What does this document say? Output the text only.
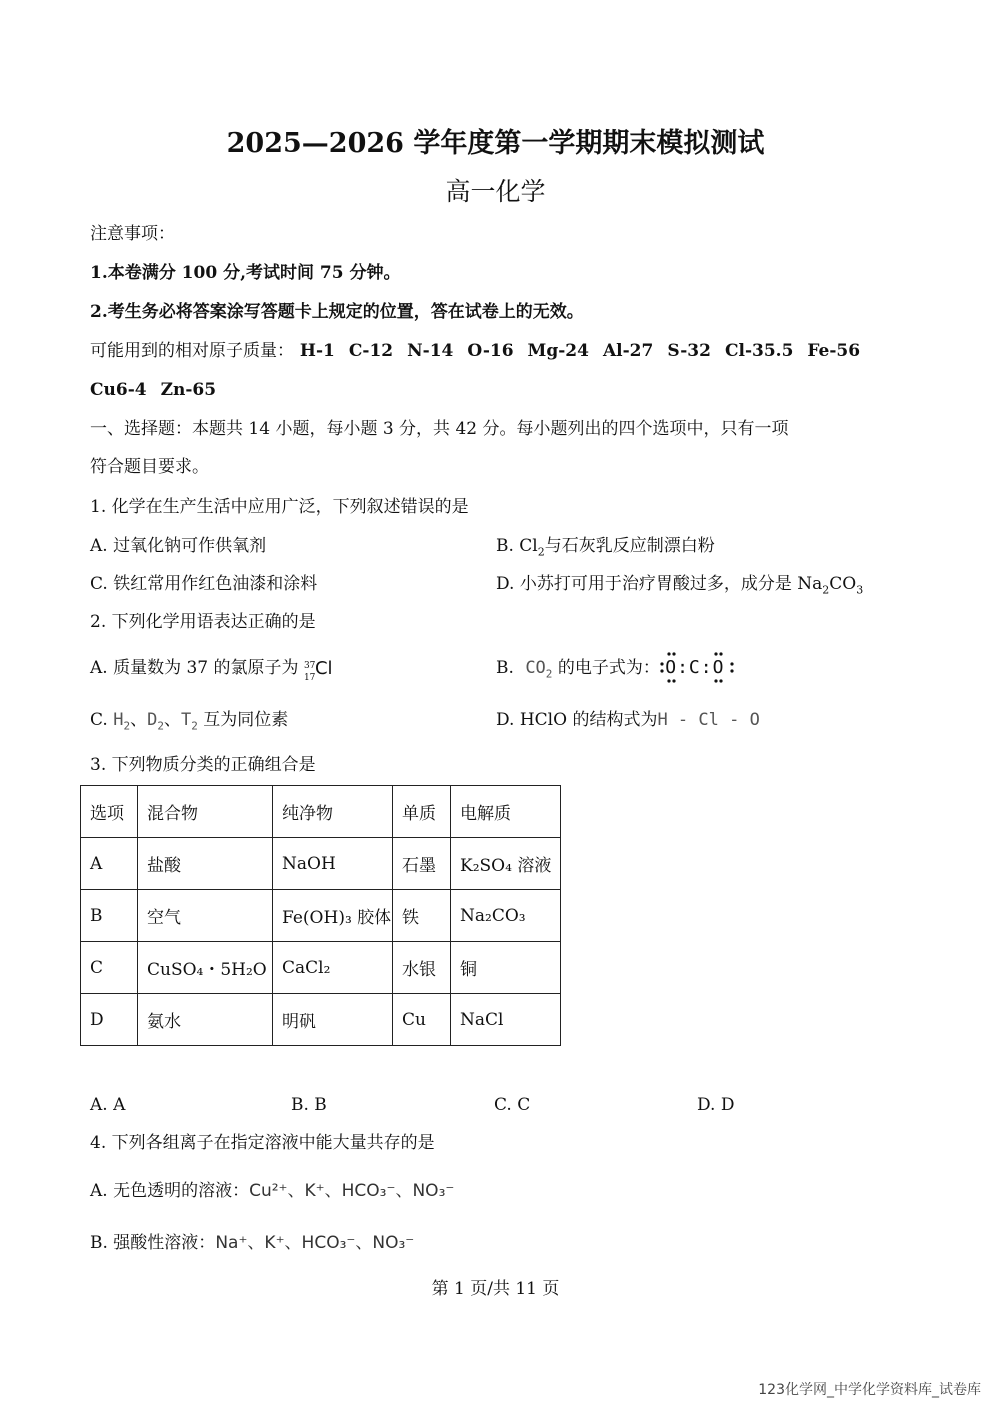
2025—2026 学年度第一学期期末模拟测试
高一化学
注意事项：
1.本卷满分 100 分,考试时间 75 分钟。
2.考生务必将答案涂写答题卡上规定的位置，答在试卷上的无效。
可能用到的相对原子质量： H-1 C-12 N-14 O-16 Mg-24 Al-27 S-32 Cl-35.5 Fe-56
Cu6-4 Zn-65
一、选择题：本题共 14 小题，每小题 3 分，共 42 分。每小题列出的四个选项中，只有一项
符合题目要求。
1. 化学在生产生活中应用广泛，下列叙述错误的是
A. 过氧化钠可作供氧剂	B. $Cl_2$与石灰乳反应制漂白粉
C. 铁红常用作红色油漆和涂料	D. 小苏打可用于治疗胃酸过多，成分是 $Na_2CO_3$
2. 下列化学用语表达正确的是
A. 质量数为 37 的氯原子为 37
17 Cl	B. $CO_2$ 的电子式为： O:C:O
C. $H_2$、$D_2$、$T_2$ 互为同位素	D. HClO 的结构式为H - Cl - O
3. 下列物质分类的正确组合是
选项	混合物	纯净物	单质	电解质
A	盐酸	NaOH	石墨	K₂SO₄ 溶液
B	空气	Fe(OH)₃ 胶体	铁	Na₂CO₃
C	CuSO₄・5H₂O	CaCl₂	水银	铜
D	氨水	明矾	Cu	NaCl
A. A	B. B	C. C	D. D
4. 下列各组离子在指定溶液中能大量共存的是
A. 无色透明的溶液：Cu²⁺、K⁺、HCO₃⁻、NO₃⁻
B. 强酸性溶液：Na⁺、K⁺、HCO₃⁻、NO₃⁻
第 1 页/共 11 页
123化学网_中学化学资料库_试卷库
